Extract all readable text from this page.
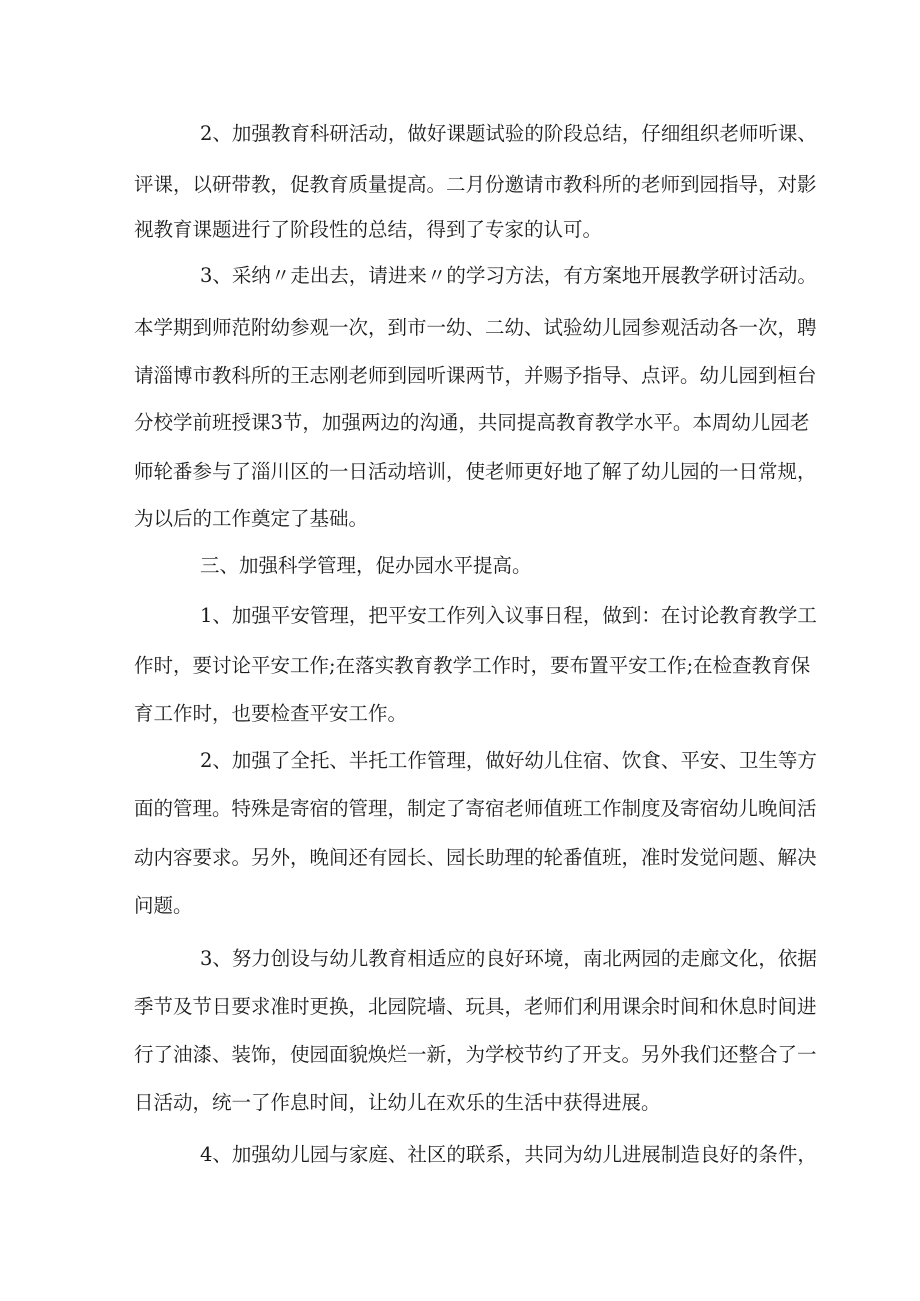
2、加强教育科研活动，做好课题试验的阶段总结，仔细组织老师听课、
评课，以研带教，促教育质量提高。二月份邀请市教科所的老师到园指导，对影
视教育课题进行了阶段性的总结，得到了专家的认可。
3、采纳〃走出去，请进来〃的学习方法，有方案地开展教学研讨活动。
本学期到师范附幼参观一次，到市一幼、二幼、试验幼儿园参观活动各一次，聘
请淄博市教科所的王志刚老师到园听课两节，并赐予指导、点评。幼儿园到桓台
分校学前班授课3节，加强两边的沟通，共同提高教育教学水平。本周幼儿园老
师轮番参与了淄川区的一日活动培训，使老师更好地了解了幼儿园的一日常规，
为以后的工作奠定了基础。
三、加强科学管理，促办园水平提高。
1、加强平安管理，把平安工作列入议事日程，做到：在讨论教育教学工
作时，要讨论平安工作;在落实教育教学工作时，要布置平安工作;在检查教育保
育工作时，也要检查平安工作。
2、加强了全托、半托工作管理，做好幼儿住宿、饮食、平安、卫生等方
面的管理。特殊是寄宿的管理，制定了寄宿老师值班工作制度及寄宿幼儿晚间活
动内容要求。另外，晚间还有园长、园长助理的轮番值班，准时发觉问题、解决
问题。
3、努力创设与幼儿教育相适应的良好环境，南北两园的走廊文化，依据
季节及节日要求准时更换，北园院墙、玩具，老师们利用课余时间和休息时间进
行了油漆、装饰，使园面貌焕烂一新，为学校节约了开支。另外我们还整合了一
日活动，统一了作息时间，让幼儿在欢乐的生活中获得进展。
4、加强幼儿园与家庭、社区的联系，共同为幼儿进展制造良好的条件，
